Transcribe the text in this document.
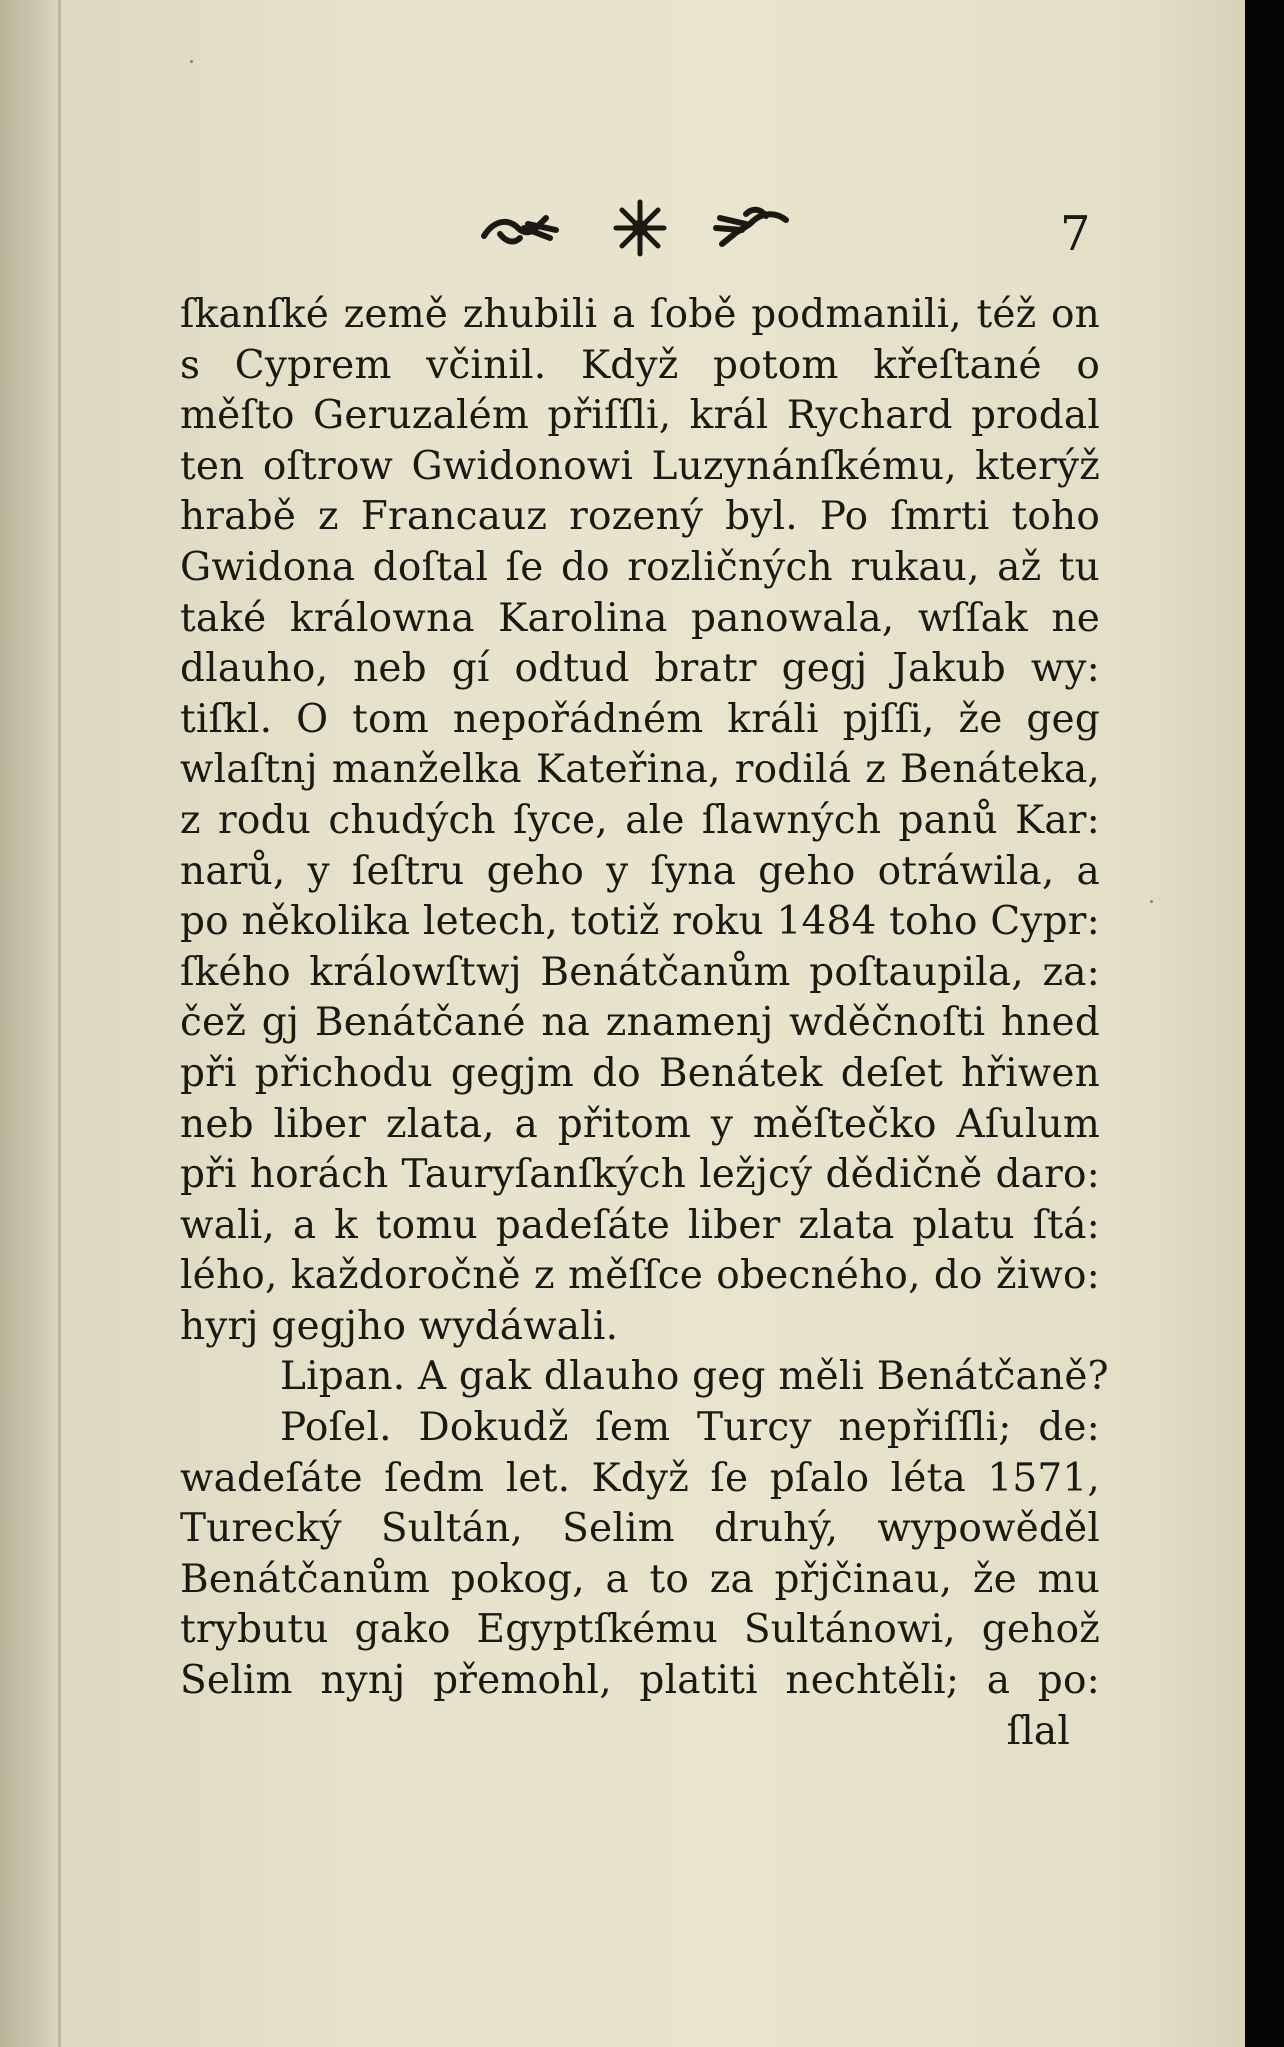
7
ſkanſké země zhubili a ſobě podmanili, též on
s Cyprem včinil. Když potom křeſtané o
měſto Geruzalém přiſſli, král Rychard prodal
ten oſtrow Gwidonowi Luzynánſkému, kterýž
hrabě z Francauz rozený byl. Po ſmrti toho
Gwidona doſtal ſe do rozličných rukau, až tu
také králowna Karolina panowala, wſſak ne
dlauho, neb gí odtud bratr gegj Jakub wy:
tiſkl. O tom nepořádném králi pjſſi, že geg
wlaſtnj manželka Kateřina, rodilá z Benáteka,
z rodu chudých ſyce, ale ſlawných panů Kar:
narů, y ſeſtru geho y ſyna geho otráwila, a
po několika letech, totiž roku 1484 toho Cypr:
ſkého králowſtwj Benátčanům poſtaupila, za:
čež gj Benátčané na znamenj wděčnoſti hned
při přichodu gegjm do Benátek deſet hřiwen
neb liber zlata, a přitom y měſtečko Aſulum
při horách Tauryſanſkých ležjcý dědičně daro:
wali, a k tomu padeſáte liber zlata platu ſtá:
lého, každoročně z měſſce obecného, do žiwo:
hyrj gegjho wydáwali.
Lipan. A gak dlauho geg měli Benátčaně?
Poſel. Dokudž ſem Turcy nepřiſſli; de:
wadeſáte ſedm let. Když ſe pſalo léta 1571,
Turecký Sultán, Selim druhý, wypowěděl
Benátčanům pokog, a to za přjčinau, že mu
trybutu gako Egyptſkému Sultánowi, gehož
Selim nynj přemohl, platiti nechtěli; a po:
ſlal
